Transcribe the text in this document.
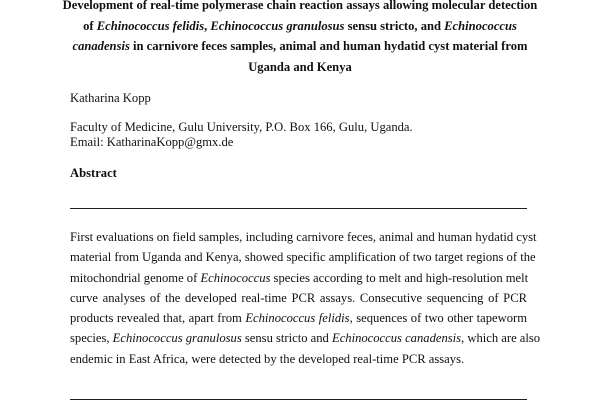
Development of real-time polymerase chain reaction assays allowing molecular detection
of Echinococcus felidis, Echinococcus granulosus sensu stricto, and Echinococcus
canadensis in carnivore feces samples, animal and human hydatid cyst material from
Uganda and Kenya
Katharina Kopp
Faculty of Medicine, Gulu University, P.O. Box 166, Gulu, Uganda.
Email: KatharinaKopp@gmx.de
Abstract
First evaluations on field samples, including carnivore feces, animal and human hydatid cyst
material from Uganda and Kenya, showed specific amplification of two target regions of the
mitochondrial genome of Echinococcus species according to melt and high-resolution melt
curve analyses of the developed real-time PCR assays. Consecutive sequencing of PCR
products revealed that, apart from Echinococcus felidis, sequences of two other tapeworm
species, Echinococcus granulosus sensu stricto and Echinococcus canadensis, which are also
endemic in East Africa, were detected by the developed real-time PCR assays.
